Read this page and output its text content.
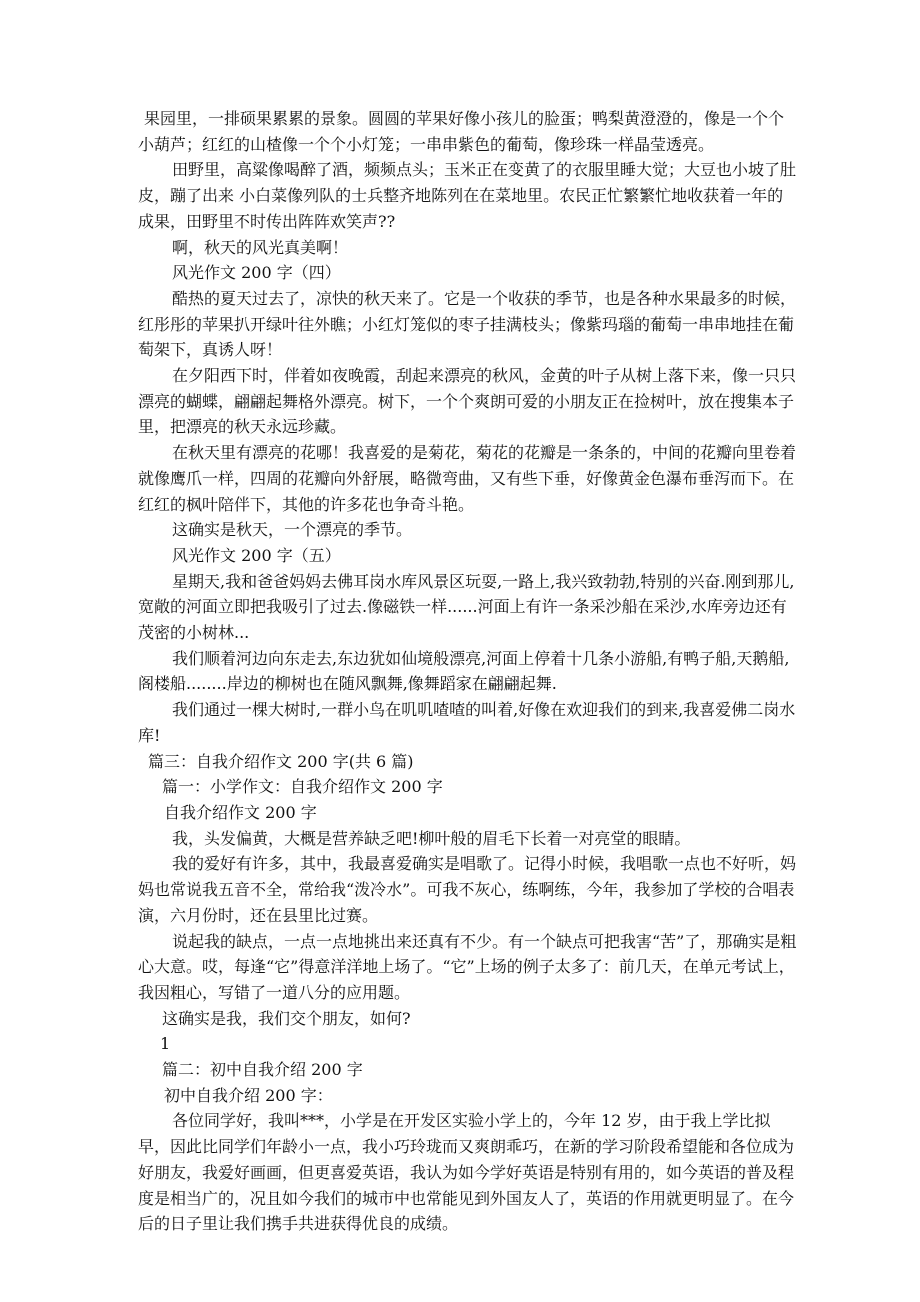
果园里，一排硕果累累的景象。圆圆的苹果好像小孩儿的脸蛋；鸭梨黄澄澄的，像是一个个小葫芦；红红的山楂像一个个小灯笼；一串串紫色的葡萄，像珍珠一样晶莹透亮。

田野里，高粱像喝醉了酒，频频点头；玉米正在变黄了的衣服里睡大觉；大豆也小坡了肚皮，蹦了出来 小白菜像列队的士兵整齐地陈列在在菜地里。农民正忙繁繁忙地收获着一年的成果，田野里不时传出阵阵欢笑声??

啊，秋天的风光真美啊！

风光作文 200 字（四）

酷热的夏天过去了，凉快的秋天来了。它是一个收获的季节，也是各种水果最多的时候，红彤彤的苹果扒开绿叶往外瞧；小红灯笼似的枣子挂满枝头；像紫玛瑙的葡萄一串串地挂在葡萄架下，真诱人呀！

在夕阳西下时，伴着如夜晚霞，刮起来漂亮的秋风，金黄的叶子从树上落下来，像一只只漂亮的蝴蝶，翩翩起舞格外漂亮。树下，一个个爽朗可爱的小朋友正在捡树叶，放在搜集本子里，把漂亮的秋天永远珍藏。

在秋天里有漂亮的花哪！我喜爱的是菊花，菊花的花瓣是一条条的，中间的花瓣向里卷着就像鹰爪一样，四周的花瓣向外舒展，略微弯曲，又有些下垂，好像黄金色瀑布垂泻而下。在红红的枫叶陪伴下，其他的许多花也争奇斗艳。

这确实是秋天，一个漂亮的季节。

风光作文 200 字（五）

星期天,我和爸爸妈妈去佛耳岗水库风景区玩耍,一路上,我兴致勃勃,特别的兴奋.刚到那儿,宽敞的河面立即把我吸引了过去.像磁铁一样......河面上有许一条采沙船在采沙,水库旁边还有茂密的小树林...

我们顺着河边向东走去,东边犹如仙境般漂亮,河面上停着十几条小游船,有鸭子船,天鹅船,阁楼船........岸边的柳树也在随风飘舞,像舞蹈家在翩翩起舞.

我们通过一棵大树时,一群小鸟在叽叽喳喳的叫着,好像在欢迎我们的到来,我喜爱佛二岗水库!

篇三：自我介绍作文 200 字(共 6 篇)

篇一：小学作文：自我介绍作文 200 字

自我介绍作文 200 字

我，头发偏黄，大概是营养缺乏吧!柳叶般的眉毛下长着一对亮堂的眼睛。

我的爱好有许多，其中，我最喜爱确实是唱歌了。记得小时候，我唱歌一点也不好听，妈妈也常说我五音不全，常给我“泼冷水”。可我不灰心，练啊练，今年，我参加了学校的合唱表演，六月份时，还在县里比过赛。

说起我的缺点，一点一点地挑出来还真有不少。有一个缺点可把我害“苦”了，那确实是粗心大意。哎，每逢“它”得意洋洋地上场了。“它”上场的例子太多了：前几天，在单元考试上，我因粗心，写错了一道八分的应用题。

这确实是我，我们交个朋友，如何?

1

篇二：初中自我介绍 200 字

初中自我介绍 200 字：

各位同学好，我叫***，小学是在开发区实验小学上的，今年 12 岁，由于我上学比拟早，因此比同学们年龄小一点，我小巧玲珑而又爽朗乖巧，在新的学习阶段希望能和各位成为好朋友，我爱好画画，但更喜爱英语，我认为如今学好英语是特别有用的，如今英语的普及程度是相当广的，况且如今我们的城市中也常能见到外国友人了，英语的作用就更明显了。在今后的日子里让我们携手共进获得优良的成绩。
